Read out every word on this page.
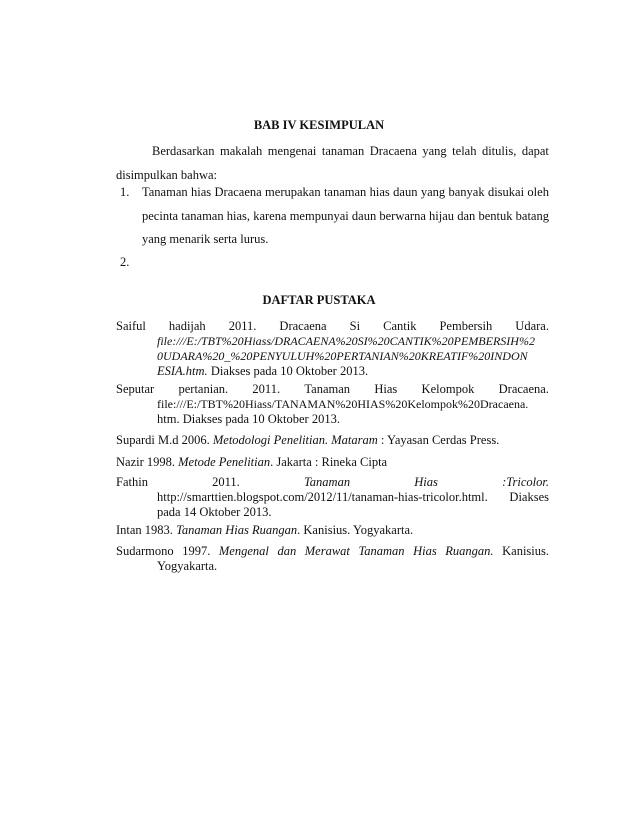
BAB IV KESIMPULAN
Berdasarkan makalah mengenai tanaman Dracaena yang telah ditulis, dapat
disimpulkan bahwa:
1. Tanaman hias Dracaena merupakan tanaman hias daun yang banyak disukai oleh
pecinta tanaman hias, karena mempunyai daun berwarna hijau dan bentuk batang
yang menarik serta lurus.
2.
DAFTAR PUSTAKA
Saiful hadijah 2011. Dracaena Si Cantik Pembersih Udara.
file:///E:/TBT%20Hiass/DRACAENA%20SI%20CANTIK%20PEMBERSIH%2
0UDARA%20_%20PENYULUH%20PERTANIAN%20KREATIF%20INDON
ESIA.htm. Diakses pada 10 Oktober 2013.
Seputar pertanian. 2011. Tanaman Hias Kelompok Dracaena.
file:///E:/TBT%20Hiass/TANAMAN%20HIAS%20Kelompok%20Dracaena.
htm. Diakses pada 10 Oktober 2013.
Supardi M.d 2006. Metodologi Penelitian. Mataram : Yayasan Cerdas Press.
Nazir 1998. Metode Penelitian. Jakarta : Rineka Cipta
Fathin	2011.	Tanaman	Hias	:Tricolor.
http://smarttien.blogspot.com/2012/11/tanaman-hias-tricolor.html. Diakses
pada 14 Oktober 2013.
Intan 1983. Tanaman Hias Ruangan. Kanisius. Yogyakarta.
Sudarmono 1997. Mengenal dan Merawat Tanaman Hias Ruangan. Kanisius.
Yogyakarta.
